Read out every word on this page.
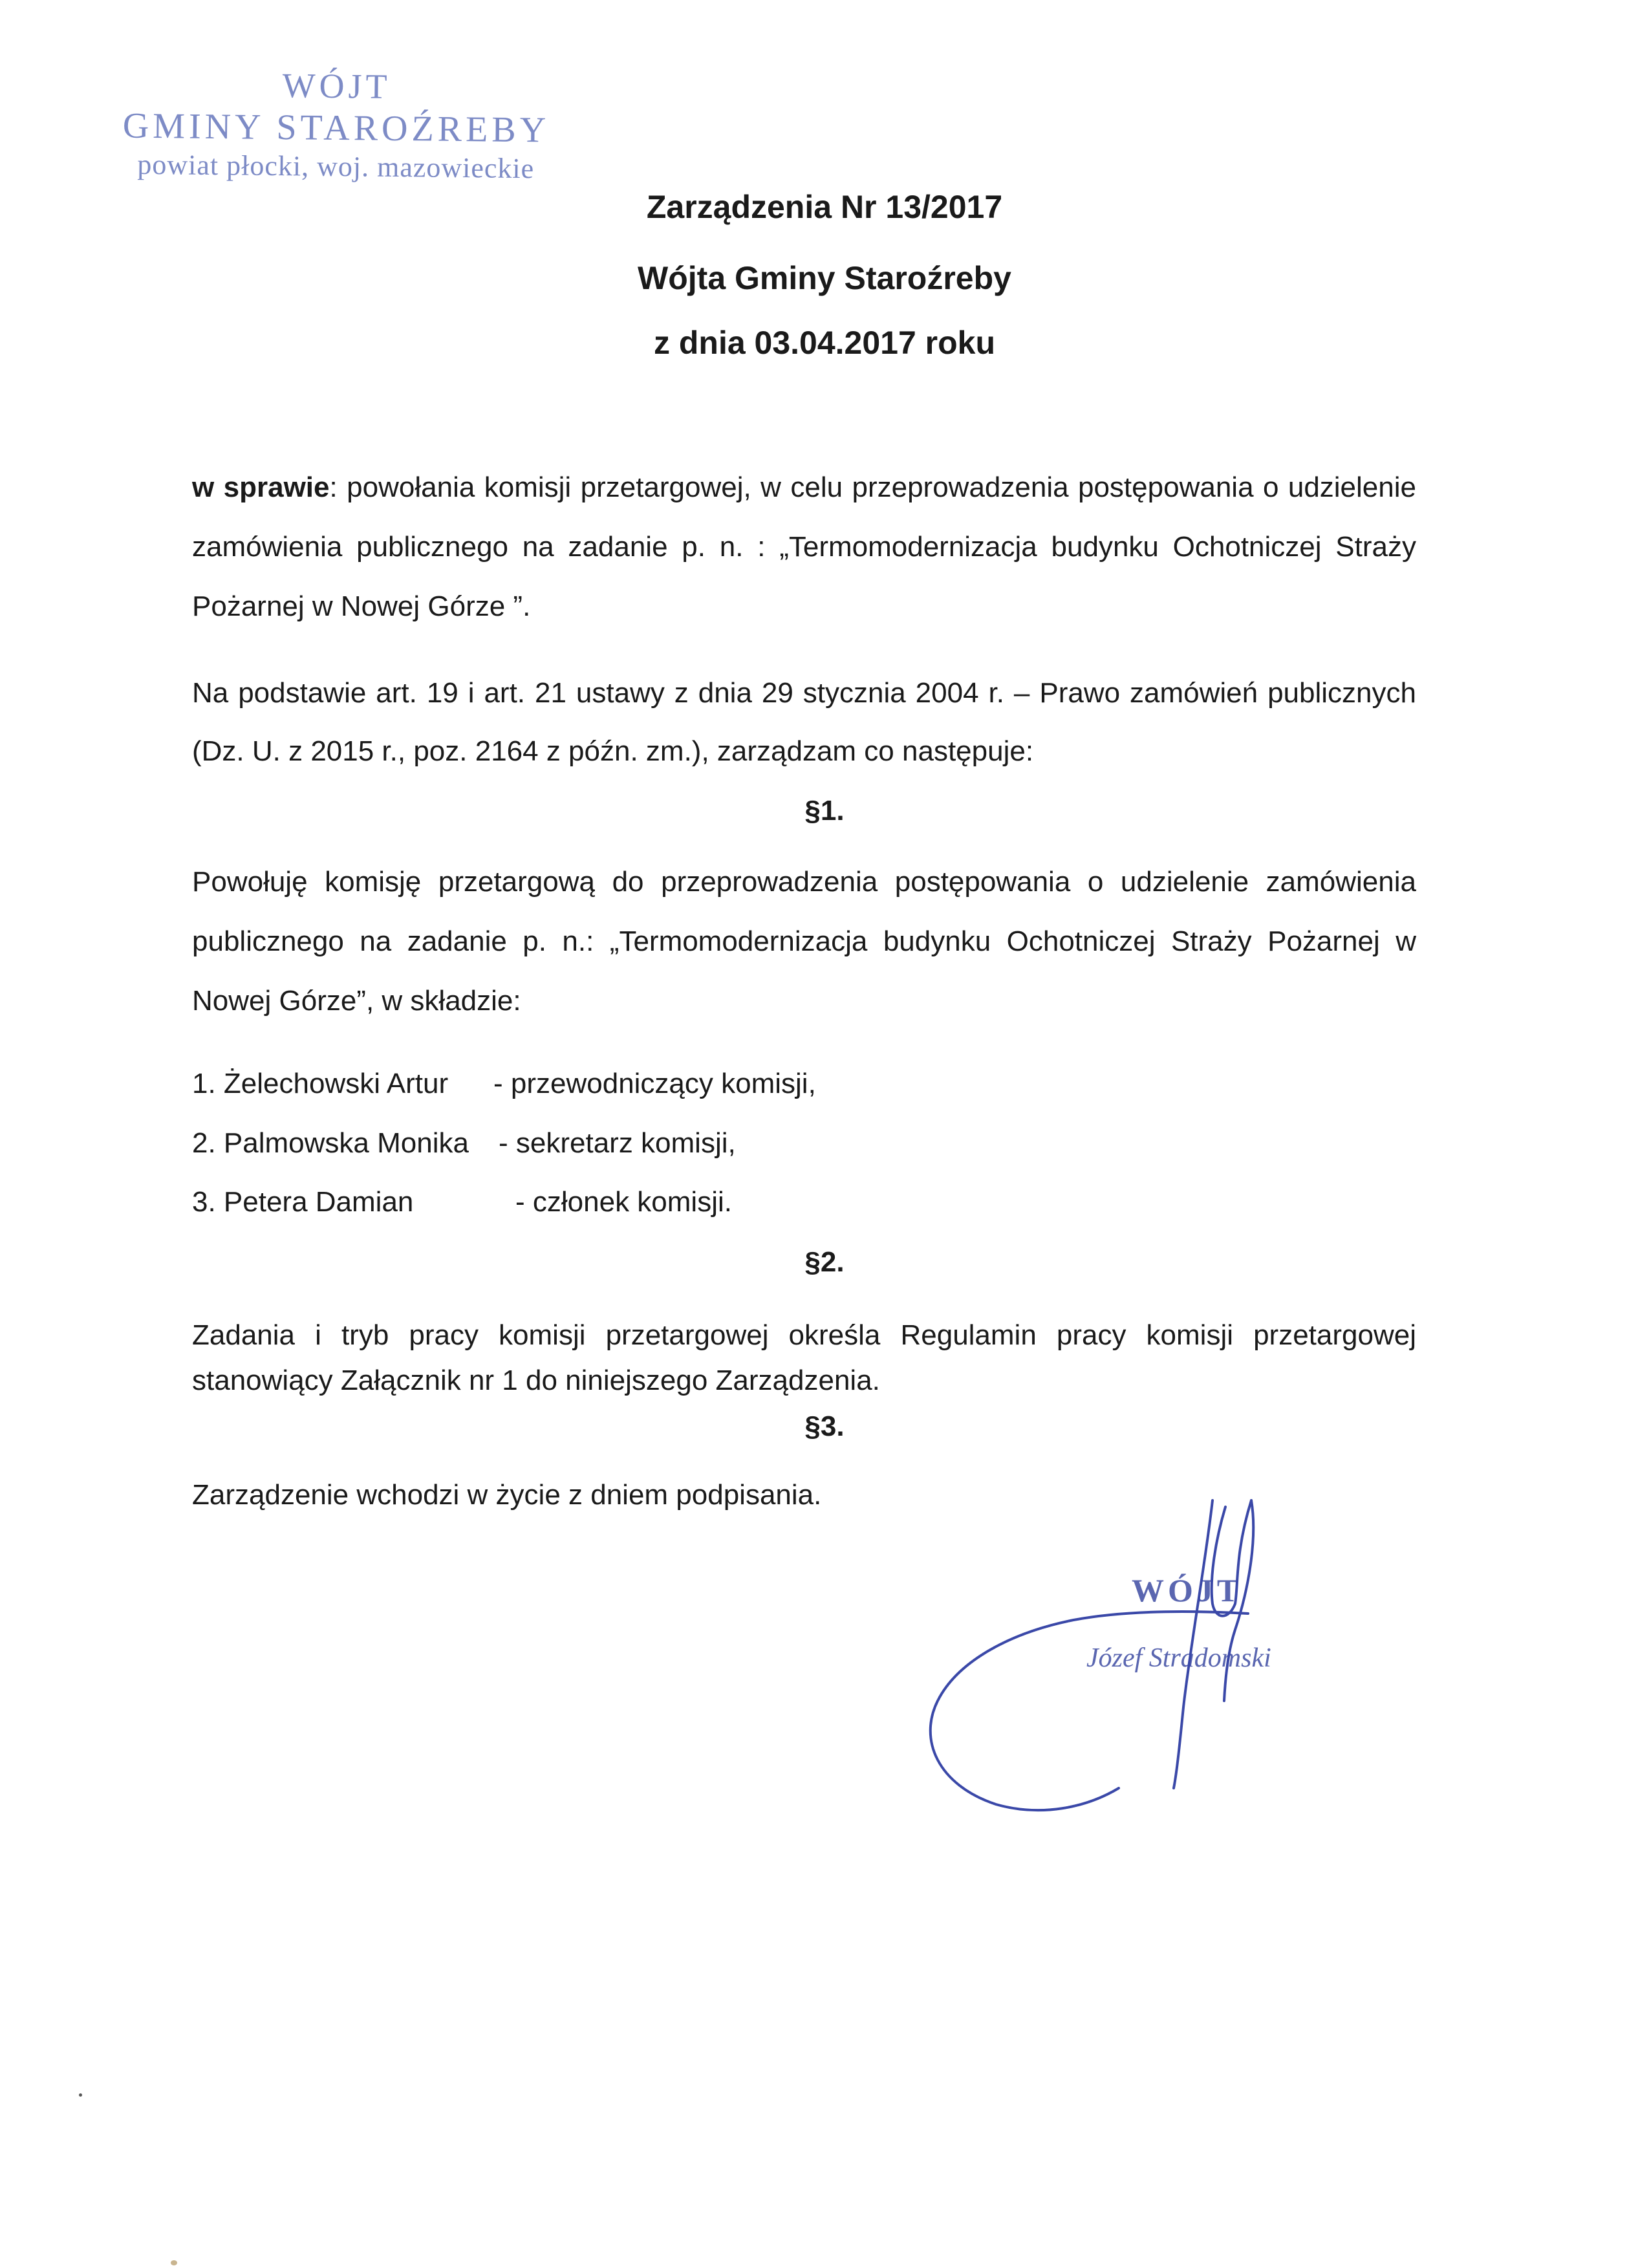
WÓJT
GMINY STAROŹREBY
powiat płocki, woj. mazowieckie
Zarządzenia Nr 13/2017
Wójta Gminy Staroźreby
z dnia 03.04.2017 roku
w sprawie: powołania komisji przetargowej, w celu przeprowadzenia postępowania o udzielenie zamówienia publicznego na zadanie p. n. : „Termomodernizacja budynku Ochotniczej Straży Pożarnej w Nowej Górze ”.
Na podstawie art. 19 i art. 21 ustawy z dnia 29 stycznia 2004 r. – Prawo zamówień publicznych (Dz. U. z 2015 r., poz. 2164 z późn. zm.), zarządzam co następuje:
§1.
Powołuję komisję przetargową do przeprowadzenia postępowania o udzielenie zamówienia publicznego na zadanie p. n.: „Termomodernizacja budynku Ochotniczej Straży Pożarnej w Nowej Górze”, w składzie:
1. Żelechowski Artur - przewodniczący komisji,
2. Palmowska Monika - sekretarz komisji,
3. Petera Damian	- członek komisji.
§2.
Zadania i tryb pracy komisji przetargowej określa Regulamin pracy komisji przetargowej stanowiący Załącznik nr 1 do niniejszego Zarządzenia.
§3.
Zarządzenie wchodzi w życie z dniem podpisania.
WÓJT
Józef Stradomski
